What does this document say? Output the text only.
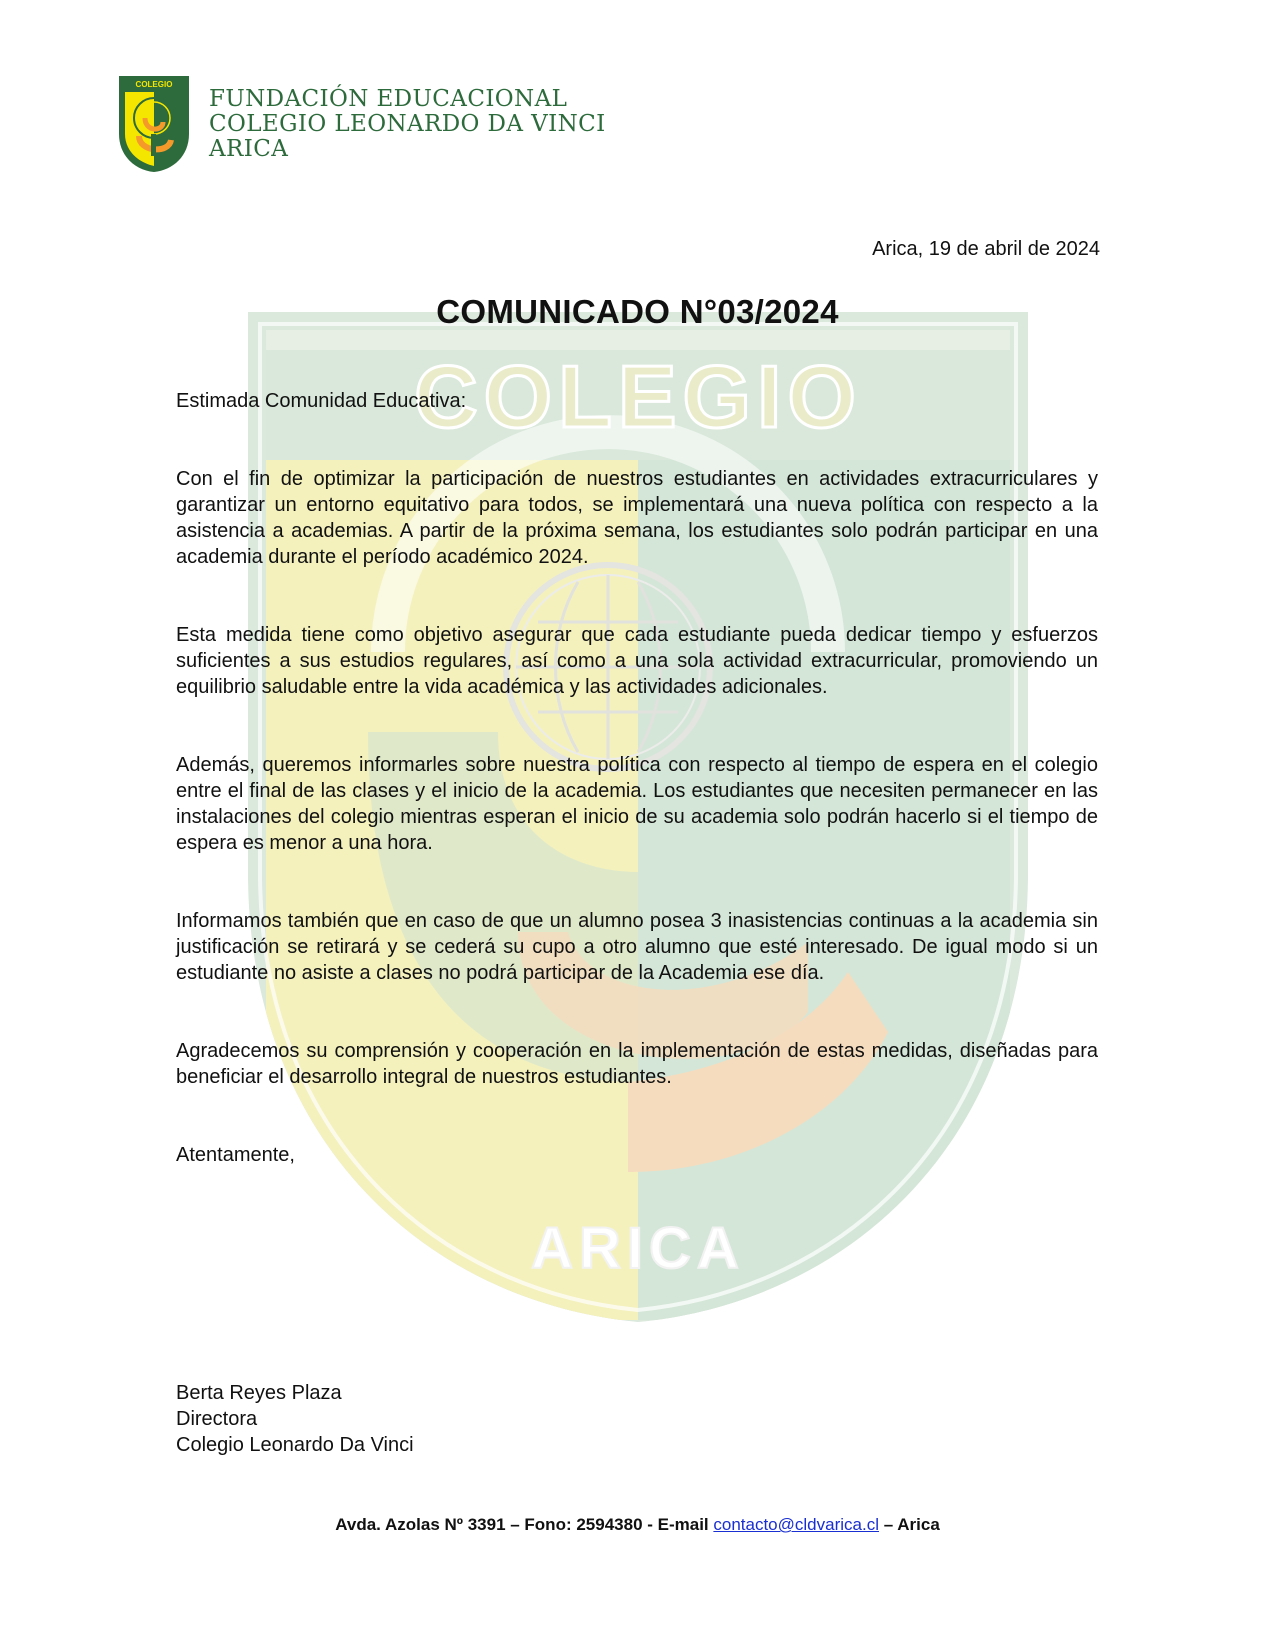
COLEGIO
ARICA
COLEGIO
FUNDACIÓN EDUCACIONAL
COLEGIO LEONARDO DA VINCI
ARICA
Arica, 19 de abril de 2024
COMUNICADO N°03/2024

Estimada Comunidad Educativa:

Con el fin de optimizar la participación de nuestros estudiantes en actividades extracurriculares y garantizar un entorno equitativo para todos, se implementará una nueva política con respecto a la asistencia a academias. A partir de la próxima semana, los estudiantes solo podrán participar en una academia durante el período académico 2024.

Esta medida tiene como objetivo asegurar que cada estudiante pueda dedicar tiempo y esfuerzos suficientes a sus estudios regulares, así como a una sola actividad extracurricular, promoviendo un equilibrio saludable entre la vida académica y las actividades adicionales.

Además, queremos informarles sobre nuestra política con respecto al tiempo de espera en el colegio entre el final de las clases y el inicio de la academia. Los estudiantes que necesiten permanecer en las instalaciones del colegio mientras esperan el inicio de su academia solo podrán hacerlo si el tiempo de espera es menor a una hora.

Informamos también que en caso de que un alumno posea 3 inasistencias continuas a la academia sin justificación se retirará y se cederá su cupo a otro alumno que esté interesado. De igual modo si un estudiante no asiste a clases no podrá participar de la Academia ese día.

Agradecemos su comprensión y cooperación en la implementación de estas medidas, diseñadas para beneficiar el desarrollo integral de nuestros estudiantes.

Atentamente,

Berta Reyes Plaza
Directora
Colegio Leonardo Da Vinci
Avda. Azolas Nº 3391 – Fono: 2594380 - E-mail contacto@cldvarica.cl – Arica
